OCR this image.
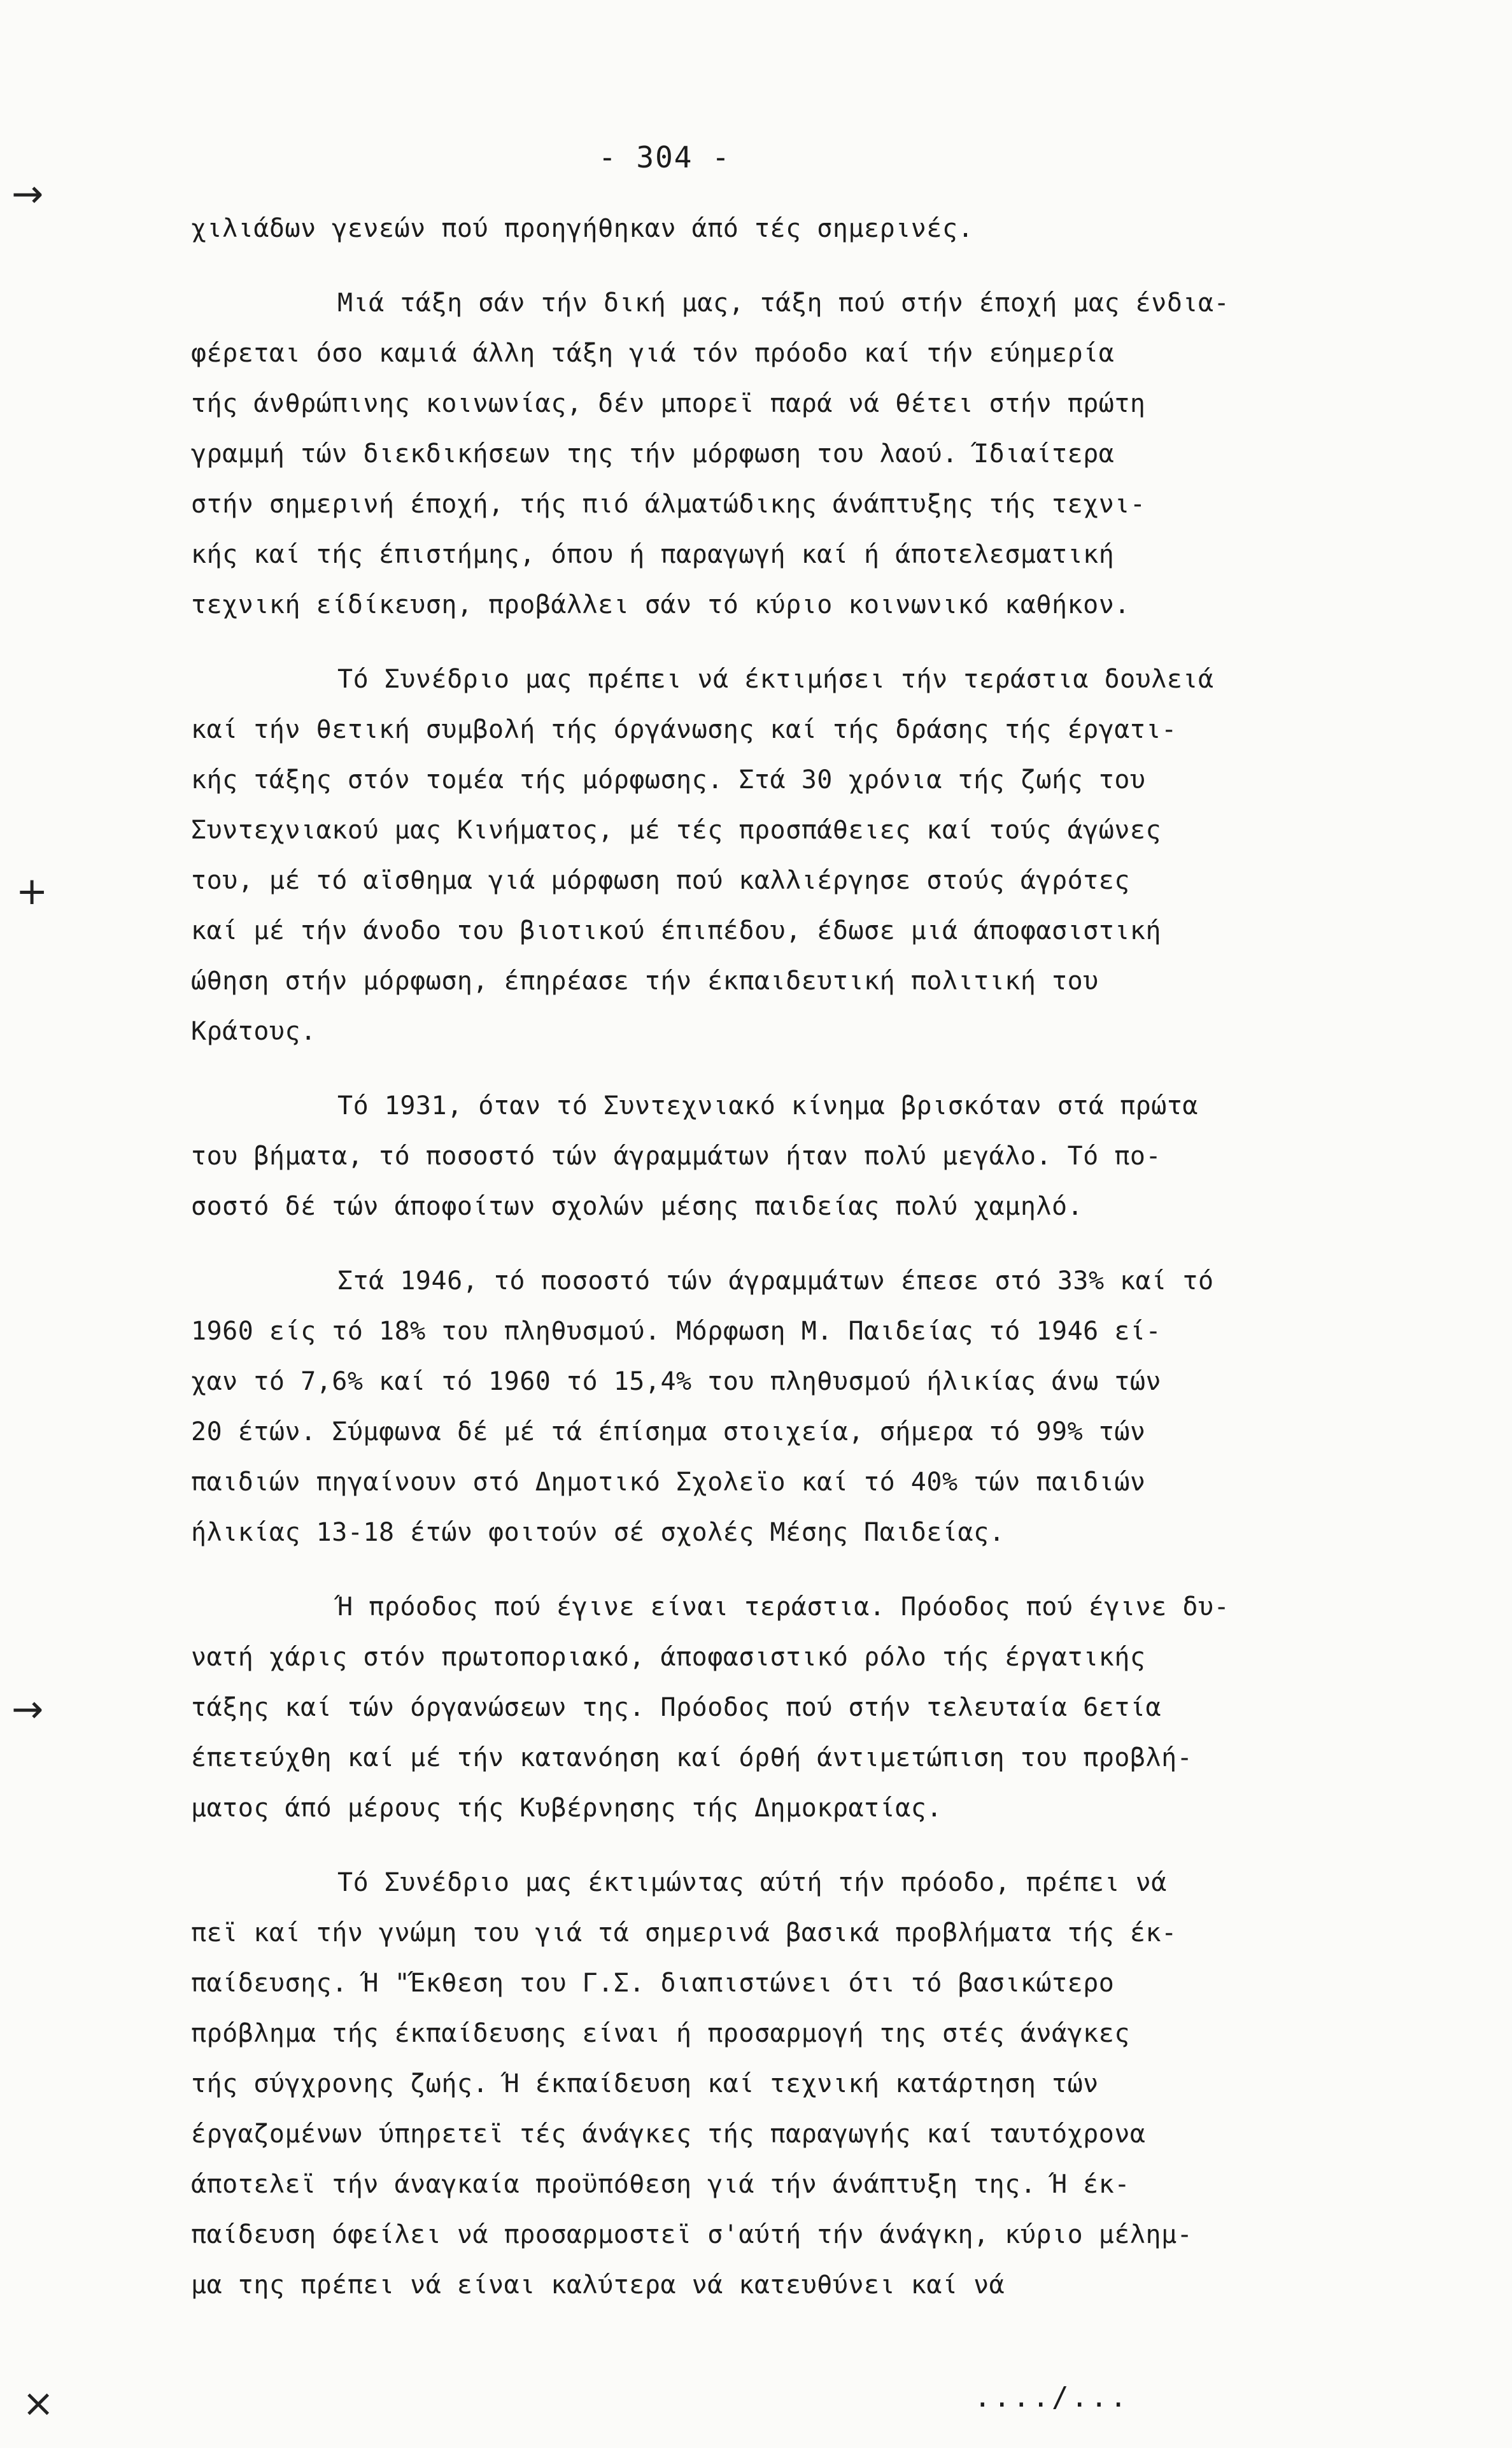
→
+
→
×
- 304 -
χιλιάδων γενεών πού προηγήθηκαν άπό τές σημερινές.
Μιά τάξη σάν τήν δική μας, τάξη πού στήν έποχή μας ένδια-
φέρεται όσο καμιά άλλη τάξη γιά τόν πρόοδο καί τήν εύημερία
τής άνθρώπινης κοινωνίας, δέν μπορεϊ παρά νά θέτει στήν πρώτη
γραμμή τών διεκδικήσεων της τήν μόρφωση του λαού. Ίδιαίτερα
στήν σημερινή έποχή, τής πιό άλματώδικης άνάπτυξης τής τεχνι-
κής καί τής έπιστήμης, όπου ή παραγωγή καί ή άποτελεσματική
τεχνική είδίκευση, προβάλλει σάν τό κύριο κοινωνικό καθήκον.
Τό Συνέδριο μας πρέπει νά έκτιμήσει τήν τεράστια δουλειά
καί τήν θετική συμβολή τής όργάνωσης καί τής δράσης τής έργατι-
κής τάξης στόν τομέα τής μόρφωσης. Στά 30 χρόνια τής ζωής του
Συντεχνιακού μας Κινήματος, μέ τές προσπάθειες καί τούς άγώνες
του, μέ τό αϊσθημα γιά μόρφωση πού καλλιέργησε στούς άγρότες
καί μέ τήν άνοδο του βιοτικού έπιπέδου, έδωσε μιά άποφασιστική
ώθηση στήν μόρφωση, έπηρέασε τήν έκπαιδευτική πολιτική του
Κράτους.
Τό 1931, όταν τό Συντεχνιακό κίνημα βρισκόταν στά πρώτα
του βήματα, τό ποσοστό τών άγραμμάτων ήταν πολύ μεγάλο. Τό πο-
σοστό δέ τών άποφοίτων σχολών μέσης παιδείας πολύ χαμηλό.
Στά 1946, τό ποσοστό τών άγραμμάτων έπεσε στό 33% καί τό
1960 είς τό 18% του πληθυσμού. Μόρφωση Μ. Παιδείας τό 1946 εί-
χαν τό 7,6% καί τό 1960 τό 15,4% του πληθυσμού ήλικίας άνω τών
20 έτών. Σύμφωνα δέ μέ τά έπίσημα στοιχεία, σήμερα τό 99% τών
παιδιών πηγαίνουν στό Δημοτικό Σχολεϊο καί τό 40% τών παιδιών
ήλικίας 13-18 έτών φοιτούν σέ σχολές Μέσης Παιδείας.
Ή πρόοδος πού έγινε είναι τεράστια. Πρόοδος πού έγινε δυ-
νατή χάρις στόν πρωτοποριακό, άποφασιστικό ρόλο τής έργατικής
τάξης καί τών όργανώσεων της. Πρόοδος πού στήν τελευταία 6ετία
έπετεύχθη καί μέ τήν κατανόηση καί όρθή άντιμετώπιση του προβλή-
ματος άπό μέρους τής Κυβέρνησης τής Δημοκρατίας.
Τό Συνέδριο μας έκτιμώντας αύτή τήν πρόοδο, πρέπει νά
πεϊ καί τήν γνώμη του γιά τά σημερινά βασικά προβλήματα τής έκ-
παίδευσης. Ή "Έκθεση του Γ.Σ. διαπιστώνει ότι τό βασικώτερο
πρόβλημα τής έκπαίδευσης είναι ή προσαρμογή της στές άνάγκες
τής σύγχρονης ζωής. Ή έκπαίδευση καί τεχνική κατάρτηση τών
έργαζομένων ύπηρετεϊ τές άνάγκες τής παραγωγής καί ταυτόχρονα
άποτελεϊ τήν άναγκαία προϋπόθεση γιά τήν άνάπτυξη της. Ή έκ-
παίδευση όφείλει νά προσαρμοστεϊ σ'αύτή τήν άνάγκη, κύριο μέλημ-
μα της πρέπει νά είναι καλύτερα νά κατευθύνει καί νά
..../...
